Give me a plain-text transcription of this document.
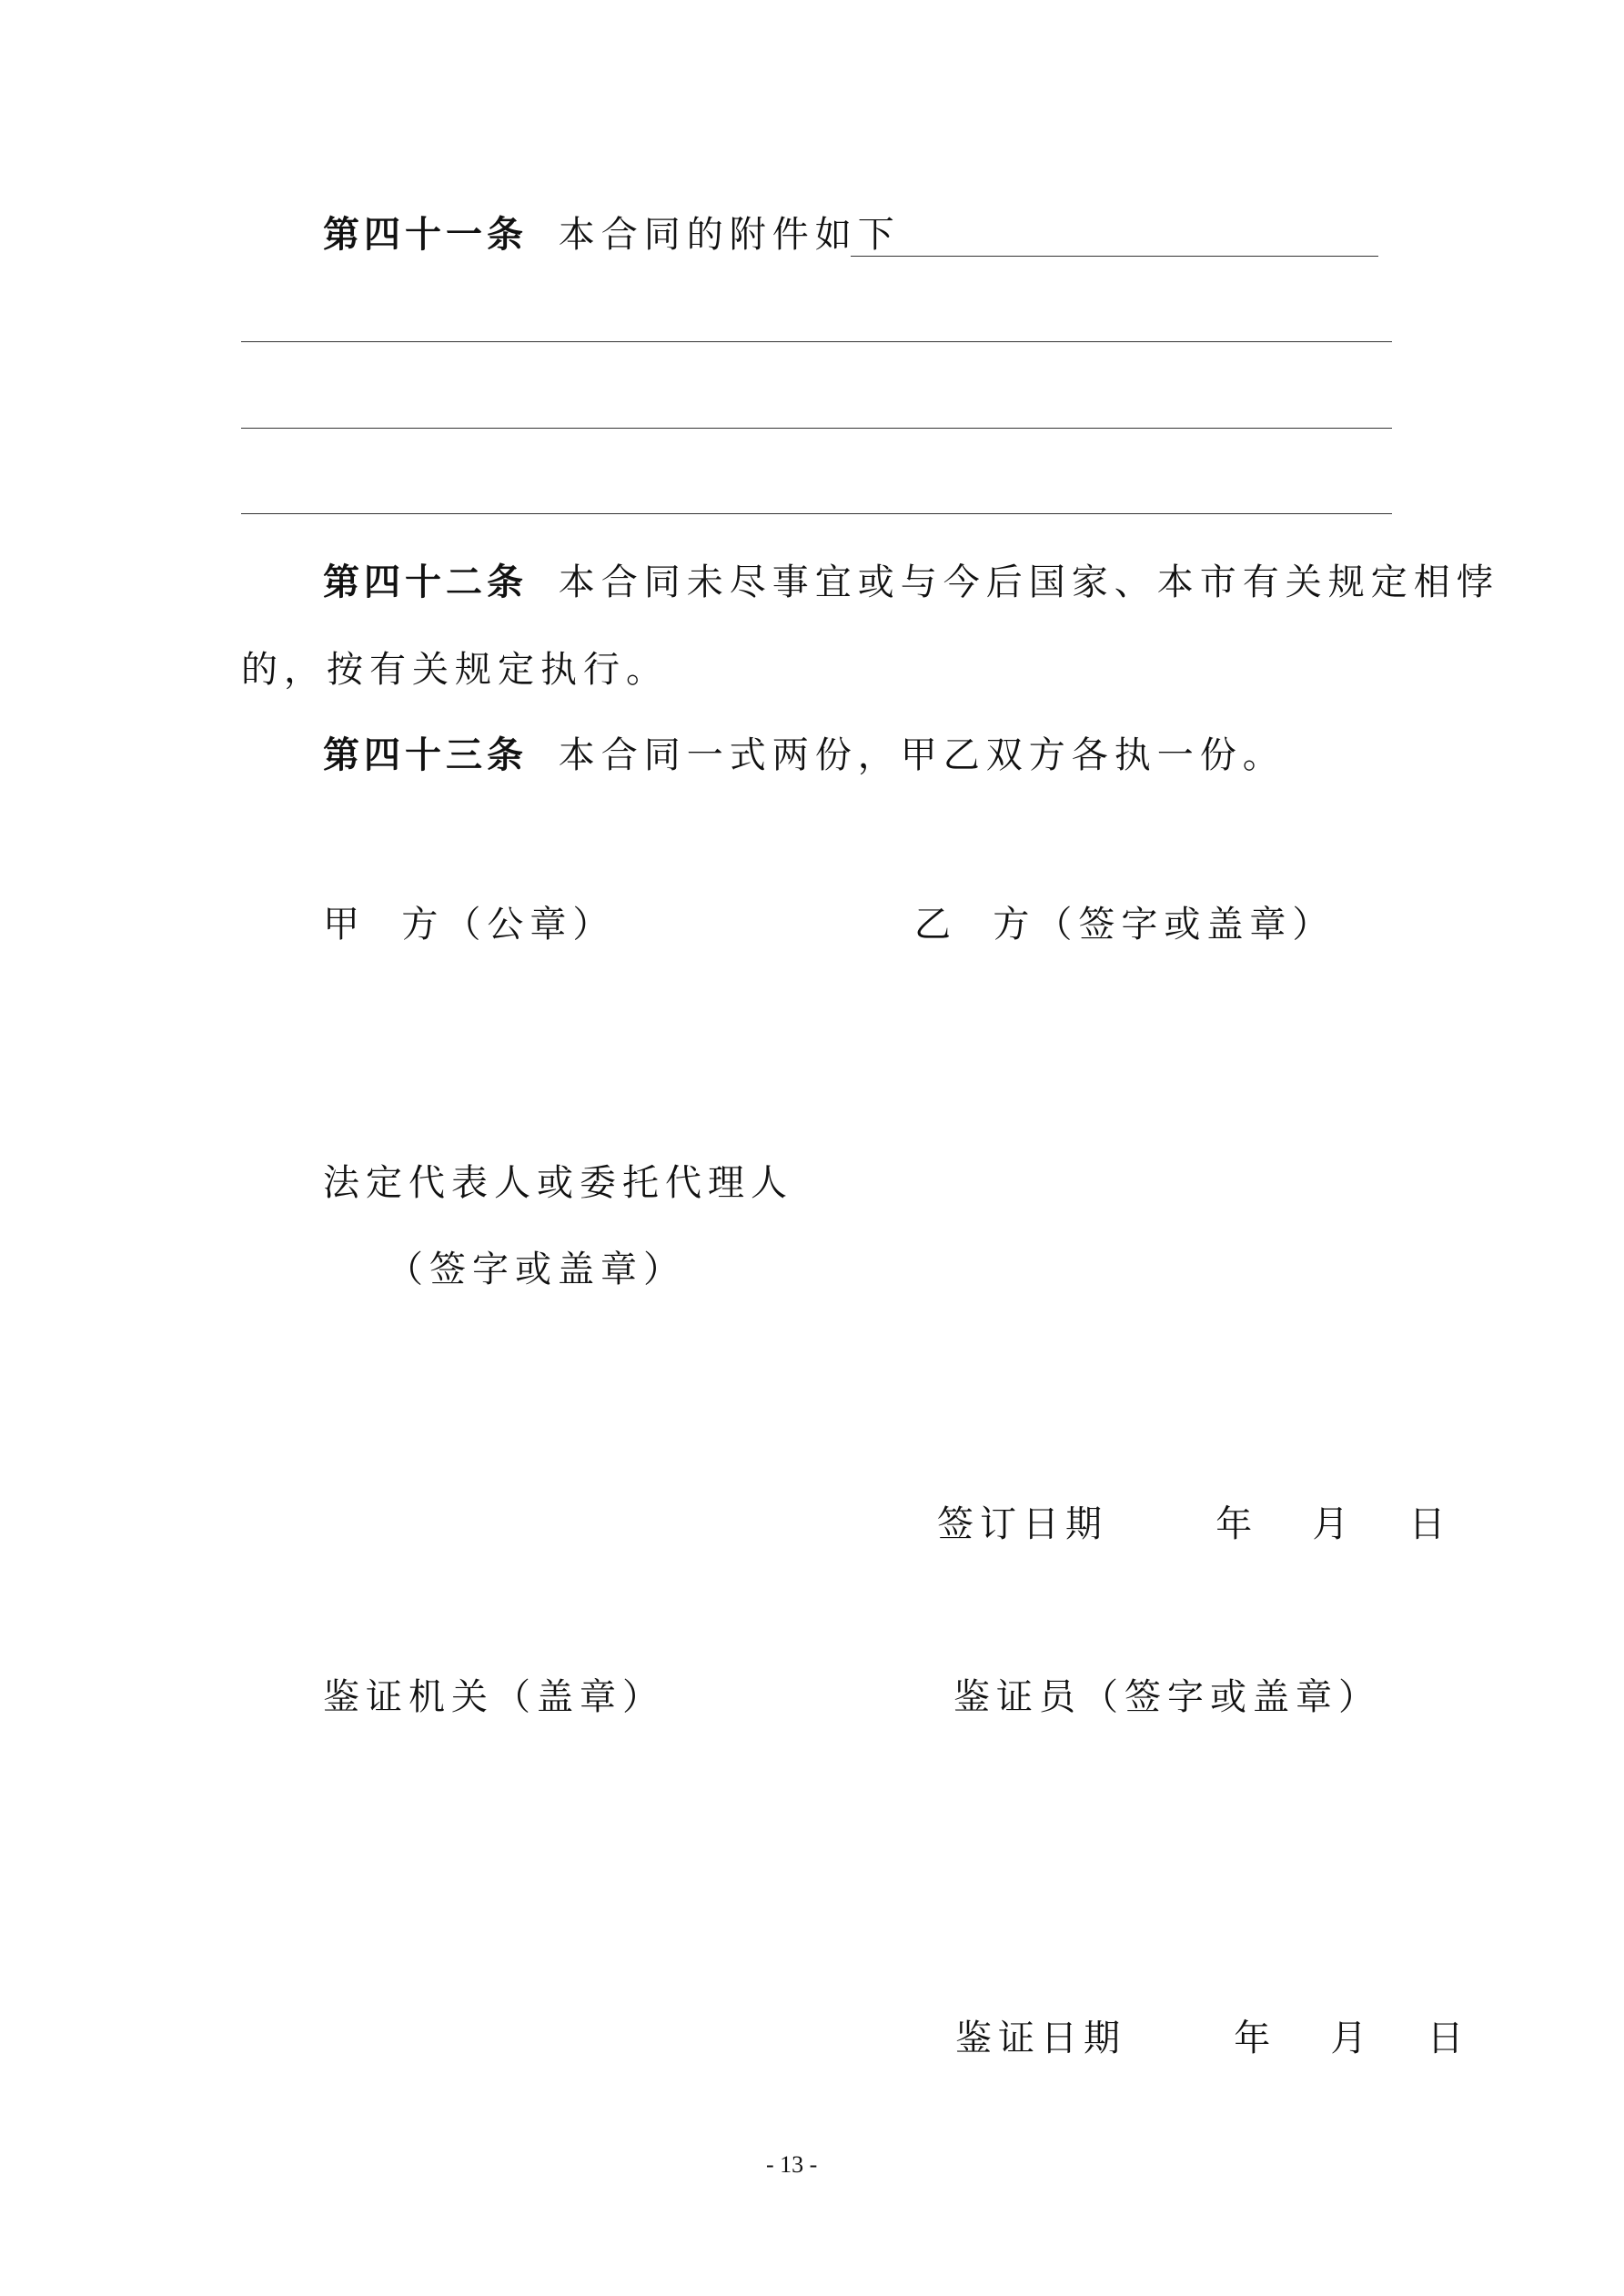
第四十一条 本合同的附件如下
第四十二条 本合同未尽事宜或与今后国家、本市有关规定相悖
的，按有关规定执行。
第四十三条 本合同一式两份，甲乙双方各执一份。
甲  方（公章）	乙  方（签字或盖章）
法定代表人或委托代理人
（签字或盖章）
签订日期      年   月   日
鉴证机关（盖章）	鉴证员（签字或盖章）
鉴证日期      年   月   日
- 13 -
